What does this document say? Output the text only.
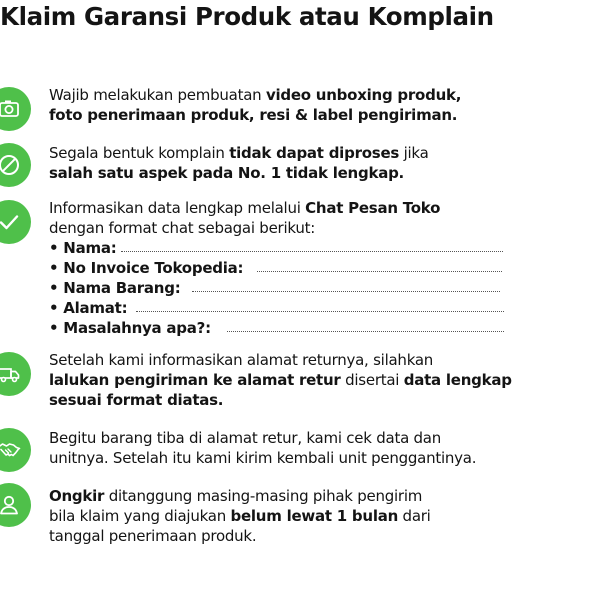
Klaim Garansi Produk atau Komplain
Wajib melakukan pembuatan video unboxing produk,
foto penerimaan produk, resi & label pengiriman.
Segala bentuk komplain tidak dapat diproses jika
salah satu aspek pada No. 1 tidak lengkap.
Informasikan data lengkap melalui Chat Pesan Toko
dengan format chat sebagai berikut:
• Nama:
• No Invoice Tokopedia:
• Nama Barang:
• Alamat:
• Masalahnya apa?:
Setelah kami informasikan alamat returnya, silahkan
lalukan pengiriman ke alamat retur disertai data lengkap
sesuai format diatas.
Begitu barang tiba di alamat retur, kami cek data dan
unitnya. Setelah itu kami kirim kembali unit penggantinya.
Ongkir ditanggung masing-masing pihak pengirim
bila klaim yang diajukan belum lewat 1 bulan dari
tanggal penerimaan produk.
